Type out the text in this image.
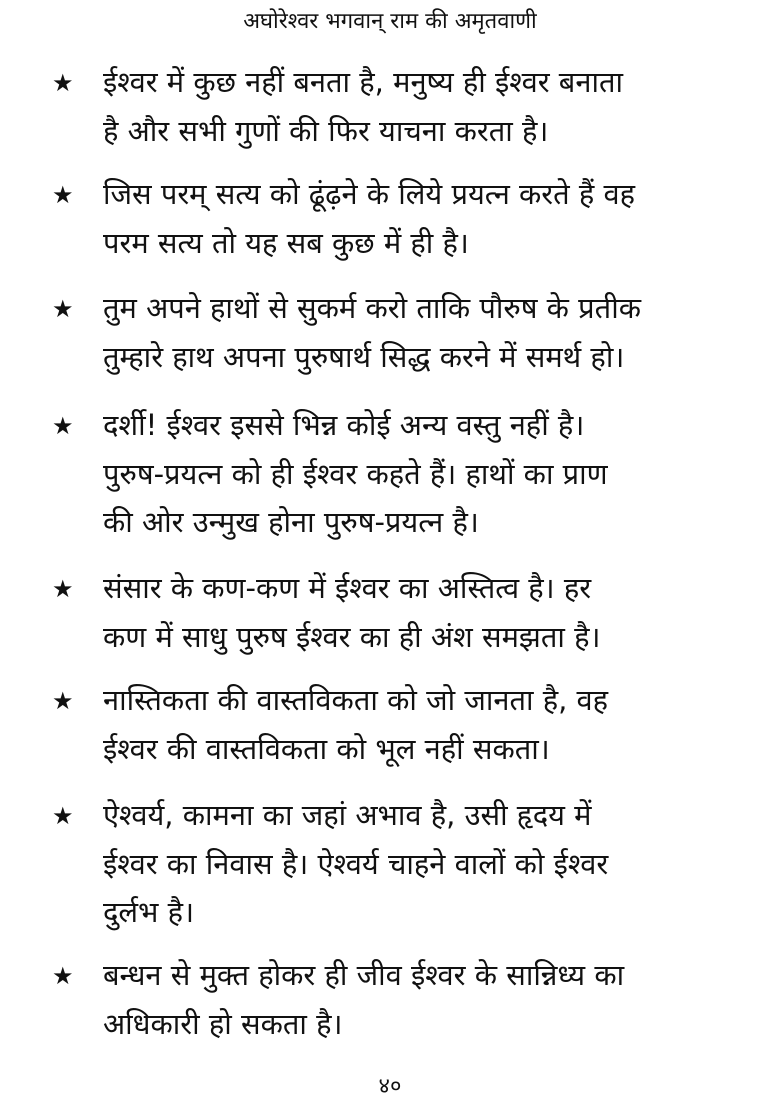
अघोरेश्वर भगवान् राम की अमृतवाणी
★ ईश्वर में कुछ नहीं बनता है, मनुष्य ही ईश्वर बनाता
है और सभी गुणों की फिर याचना करता है।
★ जिस परम् सत्य को ढूंढ़ने के लिये प्रयत्न करते हैं वह
परम सत्य तो यह सब कुछ में ही है।
★ तुम अपने हाथों से सुकर्म करो ताकि पौरुष के प्रतीक
तुम्हारे हाथ अपना पुरुषार्थ सिद्ध करने में समर्थ हो।
★ दर्शी! ईश्वर इससे भिन्न कोई अन्य वस्तु नहीं है।
पुरुष-प्रयत्न को ही ईश्वर कहते हैं। हाथों का प्राण
की ओर उन्मुख होना पुरुष-प्रयत्न है।
★ संसार के कण-कण में ईश्वर का अस्तित्व है। हर
कण में साधु पुरुष ईश्वर का ही अंश समझता है।
★ नास्तिकता की वास्तविकता को जो जानता है, वह
ईश्वर की वास्तविकता को भूल नहीं सकता।
★ ऐश्वर्य, कामना का जहां अभाव है, उसी हृदय में
ईश्वर का निवास है। ऐश्वर्य चाहने वालों को ईश्वर
दुर्लभ है।
★ बन्धन से मुक्त होकर ही जीव ईश्वर के सान्निध्य का
अधिकारी हो सकता है।
४०
